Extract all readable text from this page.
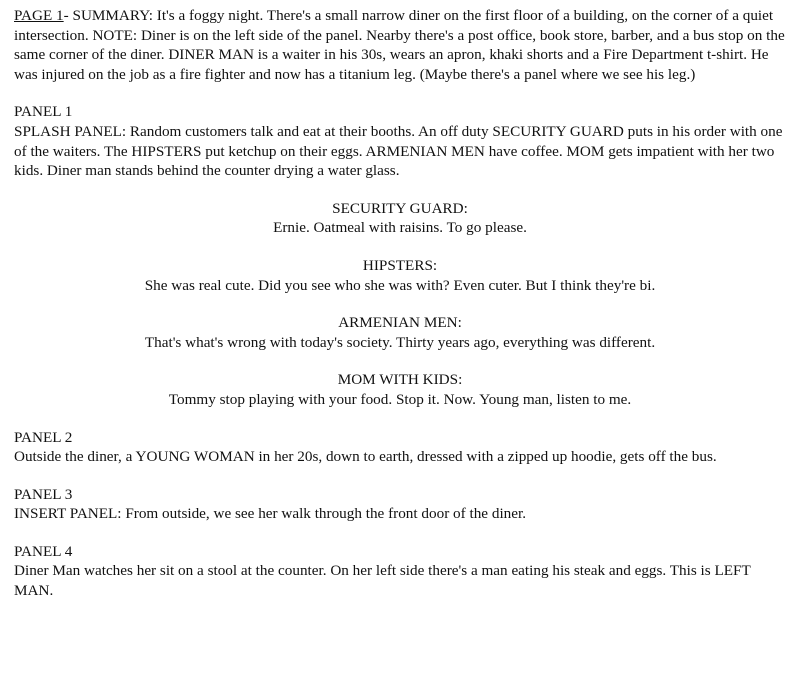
PAGE 1- SUMMARY: It's a foggy night. There's a small narrow diner on the first floor of a building, on the corner of a quiet intersection. NOTE: Diner is on the left side of the panel. Nearby there's a post office, book store, barber, and a bus stop on the same corner of the diner. DINER MAN is a waiter in his 30s, wears an apron, khaki shorts and a Fire Department t-shirt. He was injured on the job as a fire fighter and now has a titanium leg. (Maybe there's a panel where we see his leg.)

PANEL 1

SPLASH PANEL: Random customers talk and eat at their booths. An off duty SECURITY GUARD puts in his order with one of the waiters. The HIPSTERS put ketchup on their eggs. ARMENIAN MEN have coffee. MOM gets impatient with her two kids. Diner man stands behind the counter drying a water glass.

SECURITY GUARD:

Ernie. Oatmeal with raisins. To go please.

HIPSTERS:

She was real cute. Did you see who she was with? Even cuter. But I think they're bi.

ARMENIAN MEN:

That's what's wrong with today's society. Thirty years ago, everything was different.

MOM WITH KIDS:

Tommy stop playing with your food. Stop it. Now. Young man, listen to me.

PANEL 2

Outside the diner, a YOUNG WOMAN in her 20s, down to earth, dressed with a zipped up hoodie, gets off the bus.

PANEL 3

INSERT PANEL: From outside, we see her walk through the front door of the diner.

PANEL 4

Diner Man watches her sit on a stool at the counter. On her left side there's a man eating his steak and eggs. This is LEFT MAN.
